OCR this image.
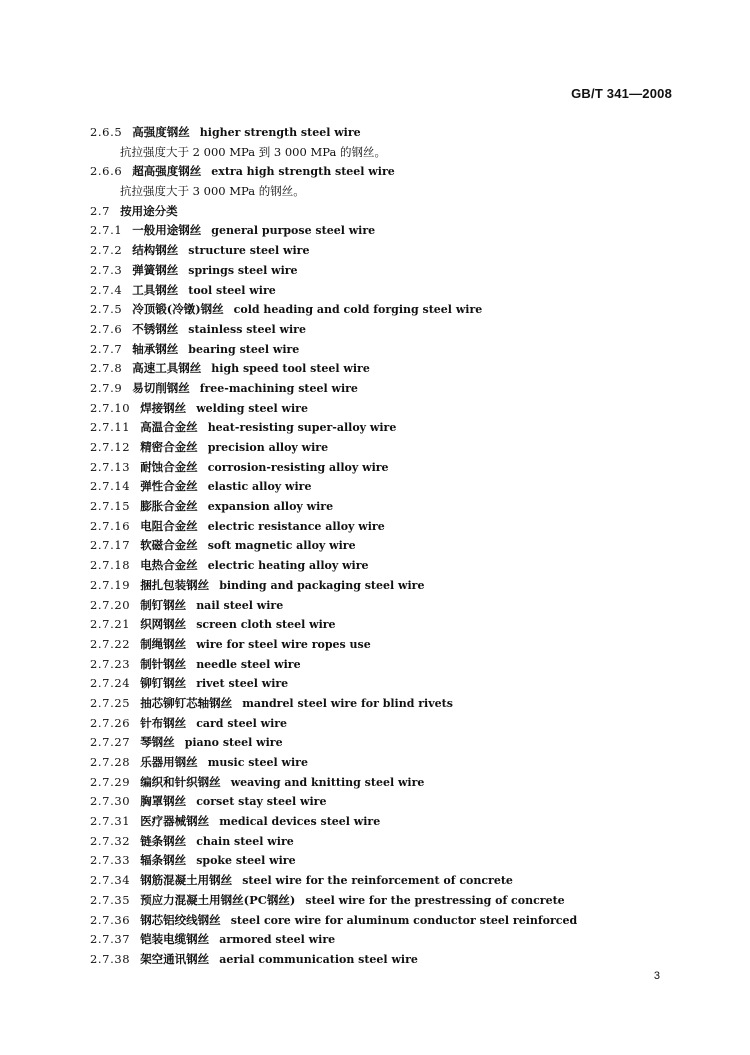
GB/T 341—2008
2.6.5 高强度钢丝 higher strength steel wire
抗拉强度大于 2 000 MPa 到 3 000 MPa 的钢丝。
2.6.6 超高强度钢丝 extra high strength steel wire
抗拉强度大于 3 000 MPa 的钢丝。
2.7 按用途分类
2.7.1 一般用途钢丝 general purpose steel wire
2.7.2 结构钢丝 structure steel wire
2.7.3 弹簧钢丝 springs steel wire
2.7.4 工具钢丝 tool steel wire
2.7.5 冷顶锻(冷镦)钢丝 cold heading and cold forging steel wire
2.7.6 不锈钢丝 stainless steel wire
2.7.7 轴承钢丝 bearing steel wire
2.7.8 高速工具钢丝 high speed tool steel wire
2.7.9 易切削钢丝 free-machining steel wire
2.7.10 焊接钢丝 welding steel wire
2.7.11 高温合金丝 heat-resisting super-alloy wire
2.7.12 精密合金丝 precision alloy wire
2.7.13 耐蚀合金丝 corrosion-resisting alloy wire
2.7.14 弹性合金丝 elastic alloy wire
2.7.15 膨胀合金丝 expansion alloy wire
2.7.16 电阻合金丝 electric resistance alloy wire
2.7.17 软磁合金丝 soft magnetic alloy wire
2.7.18 电热合金丝 electric heating alloy wire
2.7.19 捆扎包装钢丝 binding and packaging steel wire
2.7.20 制钉钢丝 nail steel wire
2.7.21 织网钢丝 screen cloth steel wire
2.7.22 制绳钢丝 wire for steel wire ropes use
2.7.23 制针钢丝 needle steel wire
2.7.24 铆钉钢丝 rivet steel wire
2.7.25 抽芯铆钉芯轴钢丝 mandrel steel wire for blind rivets
2.7.26 针布钢丝 card steel wire
2.7.27 琴钢丝 piano steel wire
2.7.28 乐器用钢丝 music steel wire
2.7.29 编织和针织钢丝 weaving and knitting steel wire
2.7.30 胸罩钢丝 corset stay steel wire
2.7.31 医疗器械钢丝 medical devices steel wire
2.7.32 链条钢丝 chain steel wire
2.7.33 辐条钢丝 spoke steel wire
2.7.34 钢筋混凝土用钢丝 steel wire for the reinforcement of concrete
2.7.35 预应力混凝土用钢丝(PC钢丝) steel wire for the prestressing of concrete
2.7.36 钢芯铝绞线钢丝 steel core wire for aluminum conductor steel reinforced
2.7.37 铠装电缆钢丝 armored steel wire
2.7.38 架空通讯钢丝 aerial communication steel wire
3
